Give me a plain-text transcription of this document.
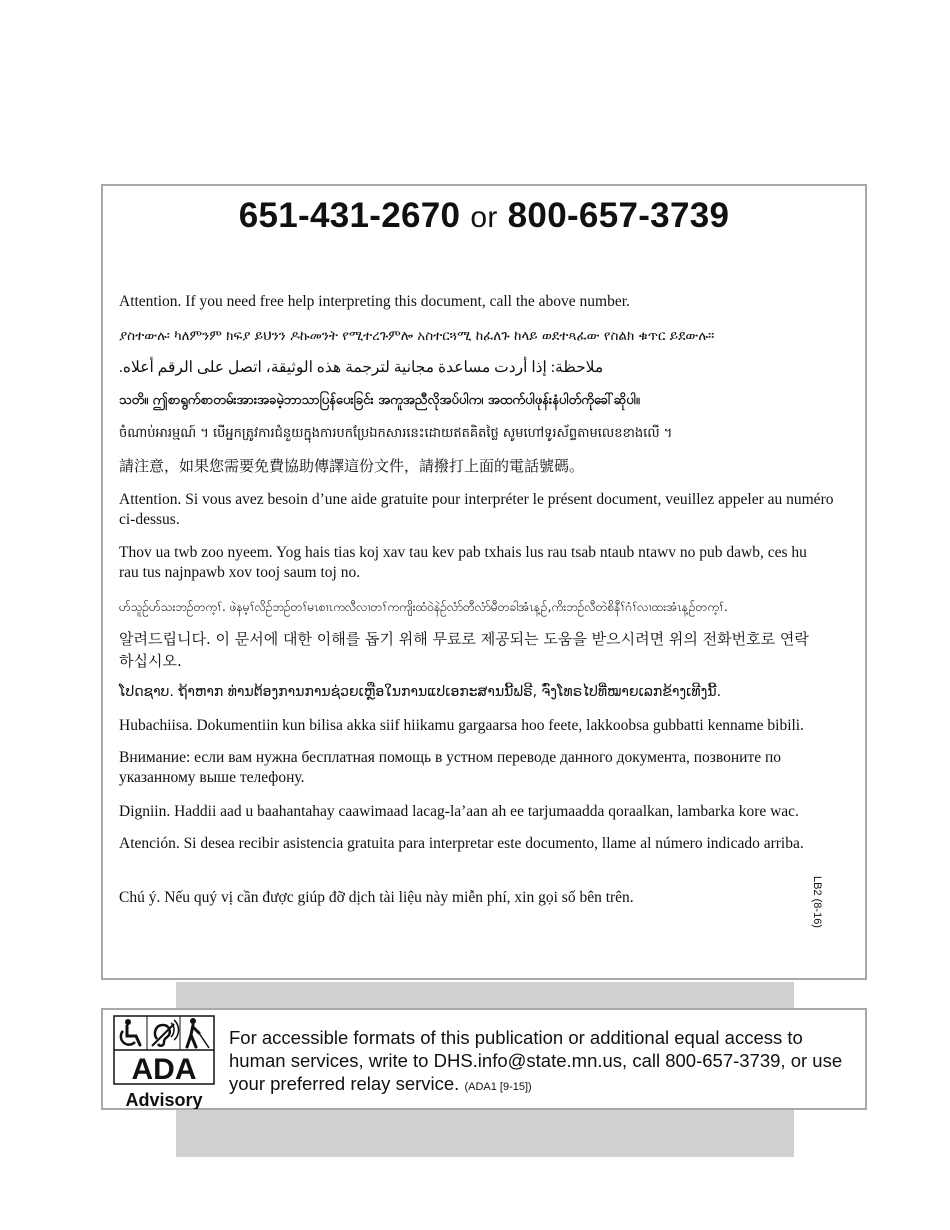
651-431-2670 or 800-657-3739
Attention. If you need free help interpreting this document, call the above number.
ያስተውሉ፡ ካለምንም ክፍያ ይህንን ዶኩመንት የሚተረጉምሎ አስተርጓሚ ከፈለጉ ከላይ ወደተጻፈው የስልክ ቁጥር ይደውሉ።
ملاحظة: إذا أردت مساعدة مجانية لترجمة هذه الوثيقة، اتصل على الرقم أعلاه.
သတိ။ ဤစာရွက်စာတမ်းအားအခမဲ့ဘာသာပြန်ပေးခြင်း အကူအညီလိုအပ်ပါက၊ အထက်ပါဖုန်းနံပါတ်ကိုခေါ်ဆိုပါ။
ចំណាប់អារម្មណ៍ ។ បើអ្នកត្រូវការជំនួយក្នុងការបកប្រែឯកសារនេះដោយឥតគិតថ្លៃ សូមហៅទូរស័ព្ទតាមលេខខាងលើ ។
請注意，如果您需要免費協助傳譯這份文件，請撥打上面的電話號碼。
Attention. Si vous avez besoin d’une aide gratuite pour interpréter le présent document, veuillez appeler au numéro ci-dessus.
Thov ua twb zoo nyeem. Yog hais tias koj xav tau kev pab txhais lus rau tsab ntaub ntawv no pub dawb, ces hu rau tus najnpawb xov tooj saum toj no.
ဟ်သူဉ်ဟ်သးဘဉ်တက့ၢ်. ဖဲနမ့ၢ်လိဉ်ဘဉ်တၢ်မၤစၢၤကလီလၢတၢ်ကကျိးထံဝဲနဲဉ်လံာ်တီလံာ်မီတခါအံၤန့ဉ်,ကိးဘဉ်လီတဲစိနီၢ်ဂံၢ်လၢထးအံၤန့ဉ်တက့ၢ်.
알려드립니다. 이 문서에 대한 이해를 돕기 위해 무료로 제공되는 도움을 받으시려면 위의 전화번호로 연락하십시오.
ໂປດຊາບ. ຖ້າຫາກ ທ່ານຕ້ອງການການຊ່ວຍເຫຼືອໃນການແປເອກະສານນີ້ຟຣີ, ຈົ່ງໂທຣໄປທີ່ໝາຍເລກຂ້າງເທີງນີ້.
Hubachiisa. Dokumentiin kun bilisa akka siif hiikamu gargaarsa hoo feete, lakkoobsa gubbatti kenname bibili.
Внимание: если вам нужна бесплатная помощь в устном переводе данного документа, позвоните по указанному выше телефону.
Digniin. Haddii aad u baahantahay caawimaad lacag-la’aan ah ee tarjumaadda qoraalkan, lambarka kore wac.
Atención. Si desea recibir asistencia gratuita para interpretar este documento, llame al número indicado arriba.
Chú ý. Nếu quý vị cần được giúp đỡ dịch tài liệu này miễn phí, xin gọi số bên trên.	LB2 (8-16)
ADA
Advisory
For accessible formats of this publication or additional equal access to human services, write to DHS.info@state.mn.us, call 800-657-3739, or use your preferred relay service. (ADA1 [9-15])
